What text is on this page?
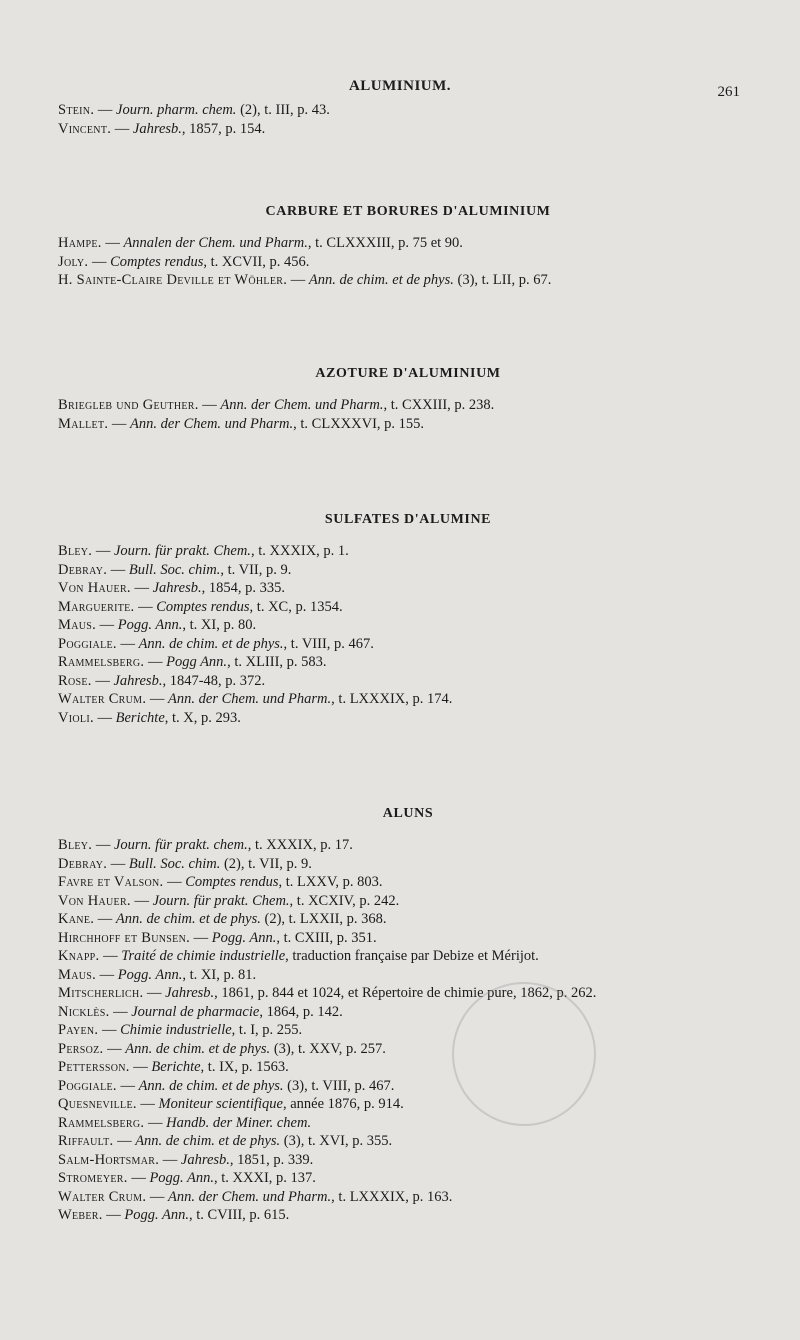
ALUMINIUM.	261
Stein. — Journ. pharm. chem. (2), t. III, p. 43.
Vincent. — Jahresb., 1857, p. 154.
CARBURE ET BORURES D'ALUMINIUM
Hampe. — Annalen der Chem. und Pharm., t. CLXXXIII, p. 75 et 90.
Joly. — Comptes rendus, t. XCVII, p. 456.
H. Sainte-Claire Deville et Wöhler. — Ann. de chim. et de phys. (3), t. LII, p. 67.
AZOTURE D'ALUMINIUM
Briegleb und Geuther. — Ann. der Chem. und Pharm., t. CXXIII, p. 238.
Mallet. — Ann. der Chem. und Pharm., t. CLXXXVI, p. 155.
SULFATES D'ALUMINE
Bley. — Journ. für prakt. Chem., t. XXXIX, p. 1.
Debray. — Bull. Soc. chim., t. VII, p. 9.
Von Hauer. — Jahresb., 1854, p. 335.
Marguerite. — Comptes rendus, t. XC, p. 1354.
Maus. — Pogg. Ann., t. XI, p. 80.
Poggiale. — Ann. de chim. et de phys., t. VIII, p. 467.
Rammelsberg. — Pogg Ann., t. XLIII, p. 583.
Rose. — Jahresb., 1847-48, p. 372.
Walter Crum. — Ann. der Chem. und Pharm., t. LXXXIX, p. 174.
Violi. — Berichte, t. X, p. 293.
ALUNS
Bley. — Journ. für prakt. chem., t. XXXIX, p. 17.
Debray. — Bull. Soc. chim. (2), t. VII, p. 9.
Favre et Valson. — Comptes rendus, t. LXXV, p. 803.
Von Hauer. — Journ. für prakt. Chem., t. XCXIV, p. 242.
Kane. — Ann. de chim. et de phys. (2), t. LXXII, p. 368.
Hirchhoff et Bunsen. — Pogg. Ann., t. CXIII, p. 351.
Knapp. — Traité de chimie industrielle, traduction française par Debize et Mérijot.
Maus. — Pogg. Ann., t. XI, p. 81.
Mitscherlich. — Jahresb., 1861, p. 844 et 1024, et Répertoire de chimie pure, 1862, p. 262.
Nicklès. — Journal de pharmacie, 1864, p. 142.
Payen. — Chimie industrielle, t. I, p. 255.
Persoz. — Ann. de chim. et de phys. (3), t. XXV, p. 257.
Pettersson. — Berichte, t. IX, p. 1563.
Poggiale. — Ann. de chim. et de phys. (3), t. VIII, p. 467.
Quesneville. — Moniteur scientifique, année 1876, p. 914.
Rammelsberg. — Handb. der Miner. chem.
Riffault. — Ann. de chim. et de phys. (3), t. XVI, p. 355.
Salm-Hortsmar. — Jahresb., 1851, p. 339.
Stromeyer. — Pogg. Ann., t. XXXI, p. 137.
Walter Crum. — Ann. der Chem. und Pharm., t. LXXXIX, p. 163.
Weber. — Pogg. Ann., t. CVIII, p. 615.
